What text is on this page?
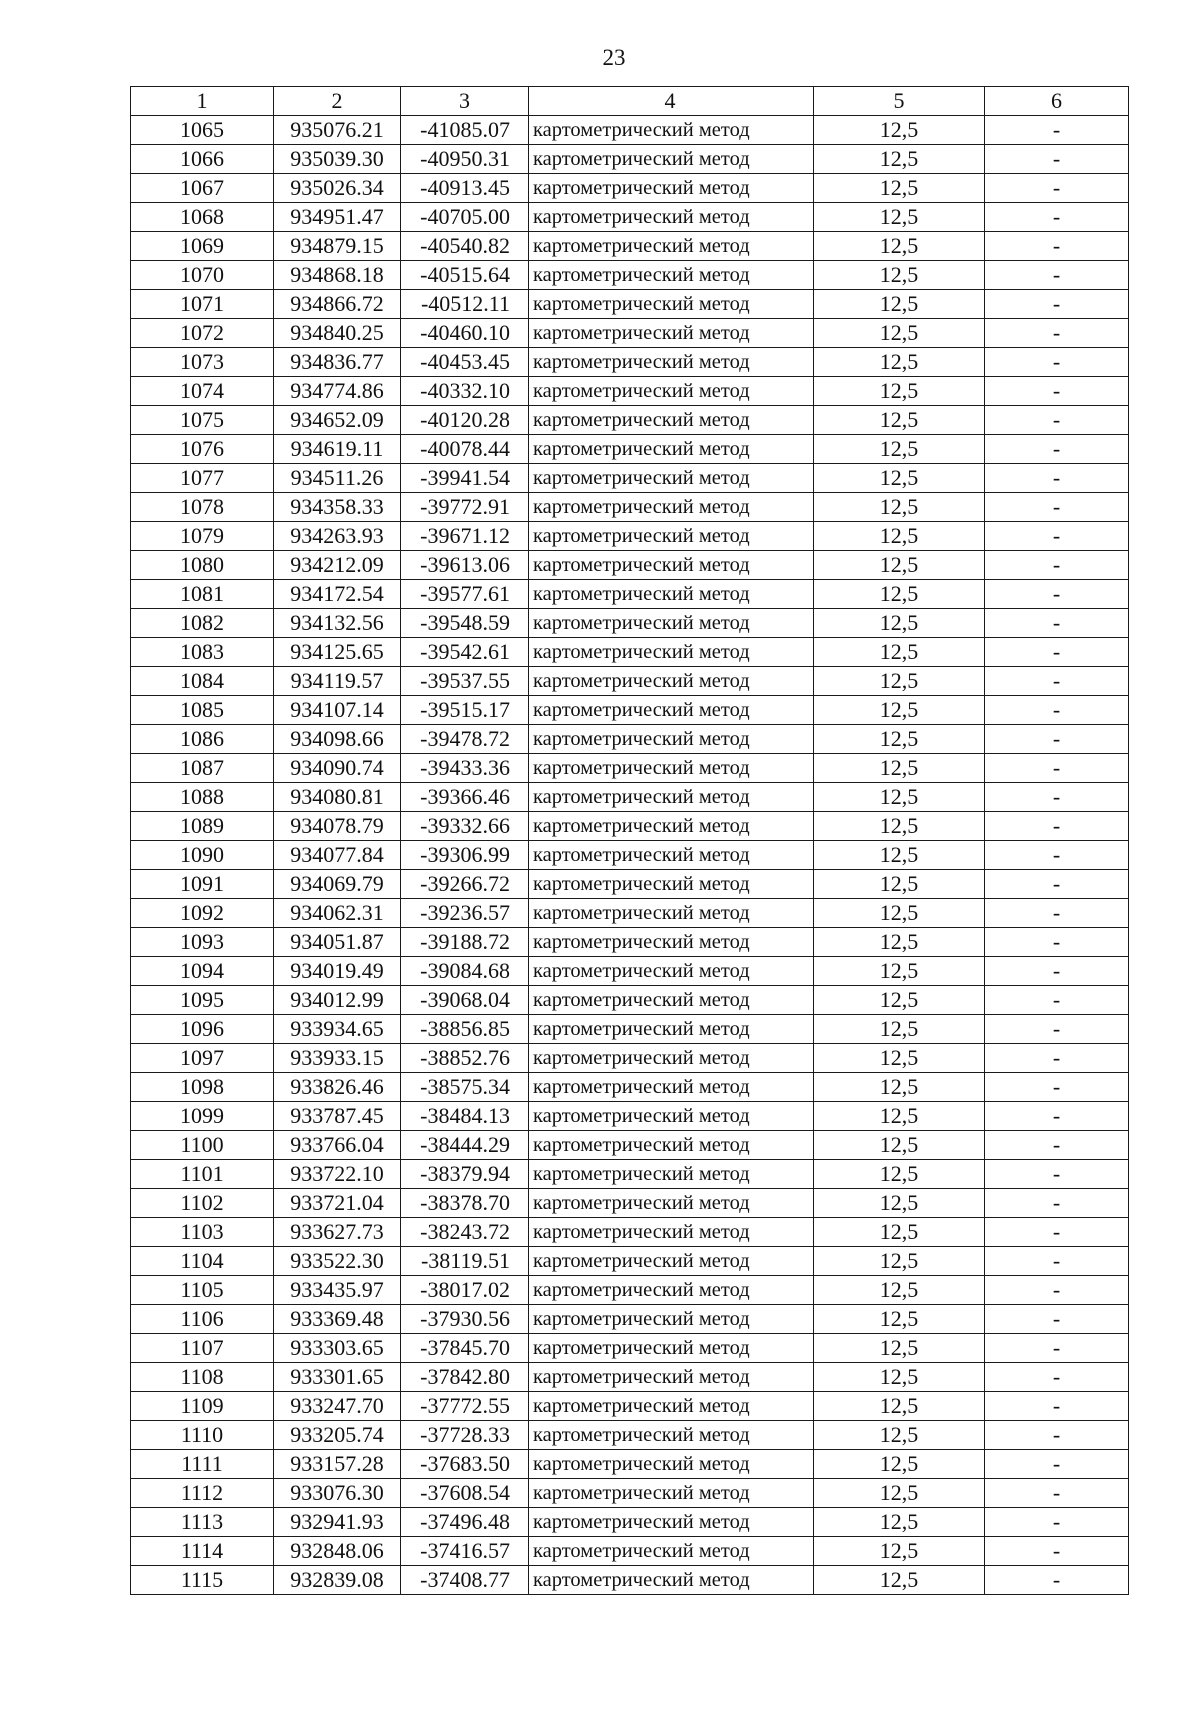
23
1	2	3	4	5	6
1065	935076.21	-41085.07	картометрический метод	12,5	-
1066	935039.30	-40950.31	картометрический метод	12,5	-
1067	935026.34	-40913.45	картометрический метод	12,5	-
1068	934951.47	-40705.00	картометрический метод	12,5	-
1069	934879.15	-40540.82	картометрический метод	12,5	-
1070	934868.18	-40515.64	картометрический метод	12,5	-
1071	934866.72	-40512.11	картометрический метод	12,5	-
1072	934840.25	-40460.10	картометрический метод	12,5	-
1073	934836.77	-40453.45	картометрический метод	12,5	-
1074	934774.86	-40332.10	картометрический метод	12,5	-
1075	934652.09	-40120.28	картометрический метод	12,5	-
1076	934619.11	-40078.44	картометрический метод	12,5	-
1077	934511.26	-39941.54	картометрический метод	12,5	-
1078	934358.33	-39772.91	картометрический метод	12,5	-
1079	934263.93	-39671.12	картометрический метод	12,5	-
1080	934212.09	-39613.06	картометрический метод	12,5	-
1081	934172.54	-39577.61	картометрический метод	12,5	-
1082	934132.56	-39548.59	картометрический метод	12,5	-
1083	934125.65	-39542.61	картометрический метод	12,5	-
1084	934119.57	-39537.55	картометрический метод	12,5	-
1085	934107.14	-39515.17	картометрический метод	12,5	-
1086	934098.66	-39478.72	картометрический метод	12,5	-
1087	934090.74	-39433.36	картометрический метод	12,5	-
1088	934080.81	-39366.46	картометрический метод	12,5	-
1089	934078.79	-39332.66	картометрический метод	12,5	-
1090	934077.84	-39306.99	картометрический метод	12,5	-
1091	934069.79	-39266.72	картометрический метод	12,5	-
1092	934062.31	-39236.57	картометрический метод	12,5	-
1093	934051.87	-39188.72	картометрический метод	12,5	-
1094	934019.49	-39084.68	картометрический метод	12,5	-
1095	934012.99	-39068.04	картометрический метод	12,5	-
1096	933934.65	-38856.85	картометрический метод	12,5	-
1097	933933.15	-38852.76	картометрический метод	12,5	-
1098	933826.46	-38575.34	картометрический метод	12,5	-
1099	933787.45	-38484.13	картометрический метод	12,5	-
1100	933766.04	-38444.29	картометрический метод	12,5	-
1101	933722.10	-38379.94	картометрический метод	12,5	-
1102	933721.04	-38378.70	картометрический метод	12,5	-
1103	933627.73	-38243.72	картометрический метод	12,5	-
1104	933522.30	-38119.51	картометрический метод	12,5	-
1105	933435.97	-38017.02	картометрический метод	12,5	-
1106	933369.48	-37930.56	картометрический метод	12,5	-
1107	933303.65	-37845.70	картометрический метод	12,5	-
1108	933301.65	-37842.80	картометрический метод	12,5	-
1109	933247.70	-37772.55	картометрический метод	12,5	-
1110	933205.74	-37728.33	картометрический метод	12,5	-
1111	933157.28	-37683.50	картометрический метод	12,5	-
1112	933076.30	-37608.54	картометрический метод	12,5	-
1113	932941.93	-37496.48	картометрический метод	12,5	-
1114	932848.06	-37416.57	картометрический метод	12,5	-
1115	932839.08	-37408.77	картометрический метод	12,5	-
